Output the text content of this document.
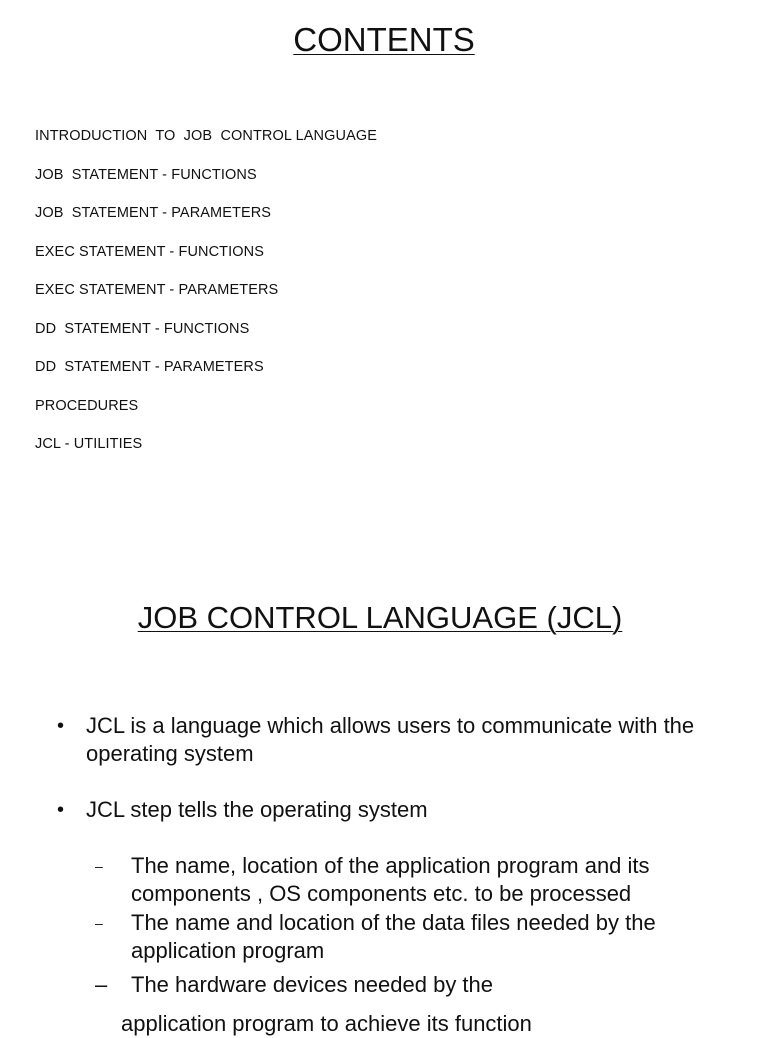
CONTENTS
INTRODUCTION  TO  JOB  CONTROL LANGUAGE
JOB  STATEMENT - FUNCTIONS
JOB  STATEMENT - PARAMETERS
EXEC STATEMENT - FUNCTIONS
EXEC STATEMENT - PARAMETERS
DD  STATEMENT - FUNCTIONS
DD  STATEMENT - PARAMETERS
PROCEDURES
JCL - UTILITIES
JOB CONTROL LANGUAGE (JCL)
• JCL is a language which allows users to communicate with the operating system
• JCL step tells the operating system
– The name, location of the application program and its components , OS components etc. to be processed
– The name and location of the data files needed by the application program
– The hardware devices needed by the
application program to achieve its function
